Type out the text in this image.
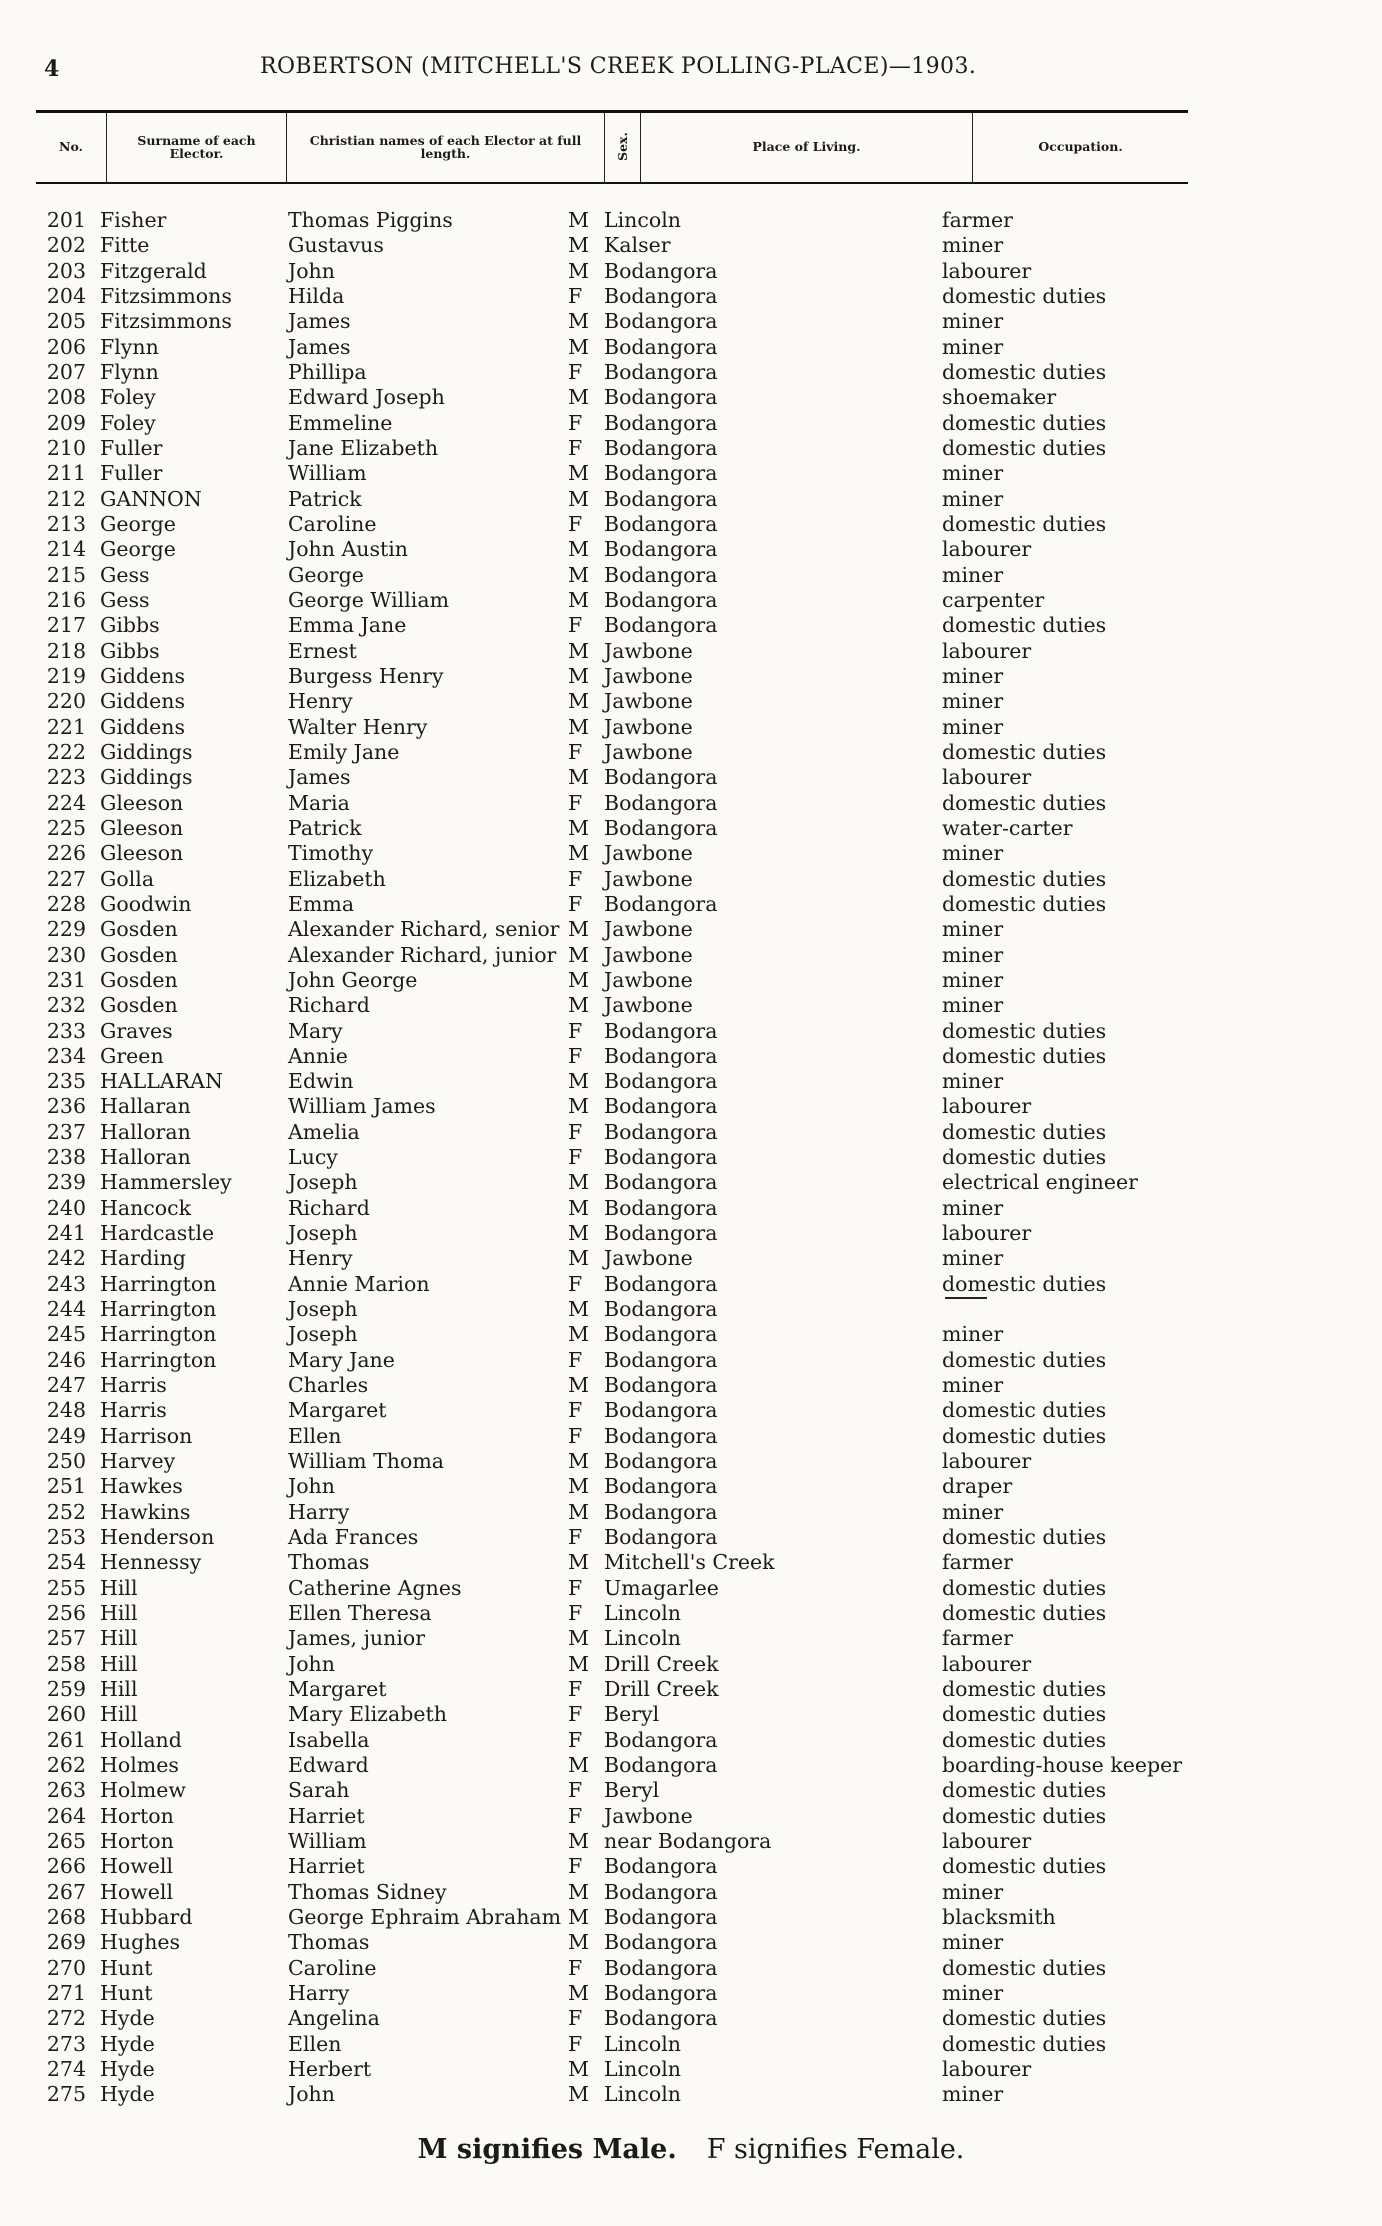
4	ROBERTSON (MITCHELL'S CREEK POLLING-PLACE)—1903.
No.	Surname of each Elector.
Christian names of each Elector at full length.	Sex.	Place of Living.	Occupation.
201 Fisher	Thomas Piggins	M Lincoln	farmer
202 Fitte	Gustavus	M Kalser	miner
203 Fitzgerald	John	M Bodangora	labourer
204 Fitzsimmons	Hilda	F Bodangora	domestic duties
205 Fitzsimmons	James	M Bodangora	miner
206 Flynn	James	M Bodangora	miner
207 Flynn	Phillipa	F Bodangora	domestic duties
208 Foley	Edward Joseph	M Bodangora	shoemaker
209 Foley	Emmeline	F Bodangora	domestic duties
210 Fuller	Jane Elizabeth	F Bodangora	domestic duties
211 Fuller	William	M Bodangora	miner
212 GANNON	Patrick	M Bodangora	miner
213 George	Caroline	F Bodangora	domestic duties
214 George	John Austin	M Bodangora	labourer
215 Gess	George	M Bodangora	miner
216 Gess	George William	M Bodangora	carpenter
217 Gibbs	Emma Jane	F Bodangora	domestic duties
218 Gibbs	Ernest	M Jawbone	labourer
219 Giddens	Burgess Henry	M Jawbone	miner
220 Giddens	Henry	M Jawbone	miner
221 Giddens	Walter Henry	M Jawbone	miner
222 Giddings	Emily Jane	F Jawbone	domestic duties
223 Giddings	James	M Bodangora	labourer
224 Gleeson	Maria	F Bodangora	domestic duties
225 Gleeson	Patrick	M Bodangora	water-carter
226 Gleeson	Timothy	M Jawbone	miner
227 Golla	Elizabeth	F Jawbone	domestic duties
228 Goodwin	Emma	F Bodangora	domestic duties
229 Gosden	Alexander Richard, senior M Jawbone	miner
230 Gosden	Alexander Richard, junior M Jawbone	miner
231 Gosden	John George	M Jawbone	miner
232 Gosden	Richard	M Jawbone	miner
233 Graves	Mary	F Bodangora	domestic duties
234 Green	Annie	F Bodangora	domestic duties
235 HALLARAN	Edwin	M Bodangora	miner
236 Hallaran	William James	M Bodangora	labourer
237 Halloran	Amelia	F Bodangora	domestic duties
238 Halloran	Lucy	F Bodangora	domestic duties
239 Hammersley	Joseph	M Bodangora	electrical engineer
240 Hancock	Richard	M Bodangora	miner
241 Hardcastle	Joseph	M Bodangora	labourer
242 Harding	Henry	M Jawbone	miner
243 Harrington	Annie Marion	F Bodangora	domestic duties
244 Harrington	Joseph	M Bodangora
245 Harrington	Joseph	M Bodangora	miner
246 Harrington	Mary Jane	F Bodangora	domestic duties
247 Harris	Charles	M Bodangora	miner
248 Harris	Margaret	F Bodangora	domestic duties
249 Harrison	Ellen	F Bodangora	domestic duties
250 Harvey	William Thoma	M Bodangora	labourer
251 Hawkes	John	M Bodangora	draper
252 Hawkins	Harry	M Bodangora	miner
253 Henderson	Ada Frances	F Bodangora	domestic duties
254 Hennessy	Thomas	M Mitchell's Creek	farmer
255 Hill	Catherine Agnes	F Umagarlee	domestic duties
256 Hill	Ellen Theresa	F Lincoln	domestic duties
257 Hill	James, junior	M Lincoln	farmer
258 Hill	John	M Drill Creek	labourer
259 Hill	Margaret	F Drill Creek	domestic duties
260 Hill	Mary Elizabeth	F Beryl	domestic duties
261 Holland	Isabella	F Bodangora	domestic duties
262 Holmes	Edward	M Bodangora	boarding-house keeper
263 Holmew	Sarah	F Beryl	domestic duties
264 Horton	Harriet	F Jawbone	domestic duties
265 Horton	William	M near Bodangora	labourer
266 Howell	Harriet	F Bodangora	domestic duties
267 Howell	Thomas Sidney	M Bodangora	miner
268 Hubbard	George Ephraim Abraham M Bodangora	blacksmith
269 Hughes	Thomas	M Bodangora	miner
270 Hunt	Caroline	F Bodangora	domestic duties
271 Hunt	Harry	M Bodangora	miner
272 Hyde	Angelina	F Bodangora	domestic duties
273 Hyde	Ellen	F Lincoln	domestic duties
274 Hyde	Herbert	M Lincoln	labourer
275 Hyde	John	M Lincoln	miner
M signifies Male. F signifies Female.
